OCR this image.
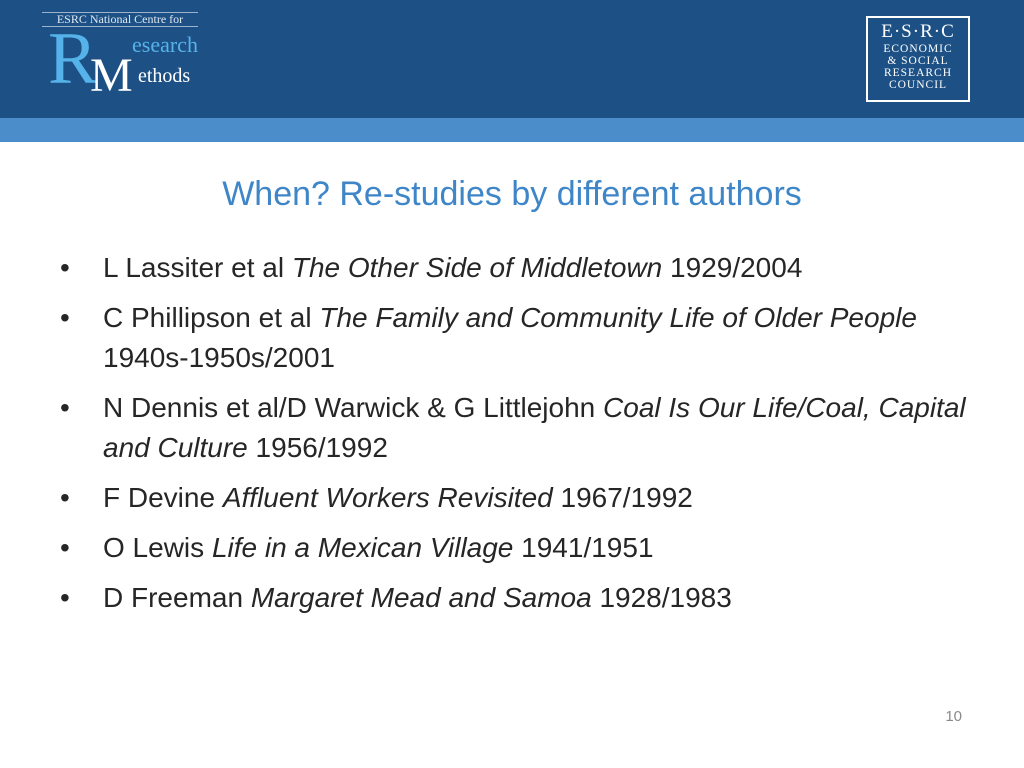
ESRC National Centre for
R esearch
M ethods
E·S·R·C
ECONOMIC
& SOCIAL
RESEARCH
COUNCIL
When? Re-studies by different authors
• L Lassiter et al The Other Side of Middletown 1929/2004
• C Phillipson et al The Family and Community Life of Older People 1940s-1950s/2001
• N Dennis et al/D Warwick & G Littlejohn Coal Is Our Life/Coal, Capital and Culture 1956/1992
• F Devine Affluent Workers Revisited 1967/1992
• O Lewis Life in a Mexican Village 1941/1951
• D Freeman Margaret Mead and Samoa 1928/1983
10
